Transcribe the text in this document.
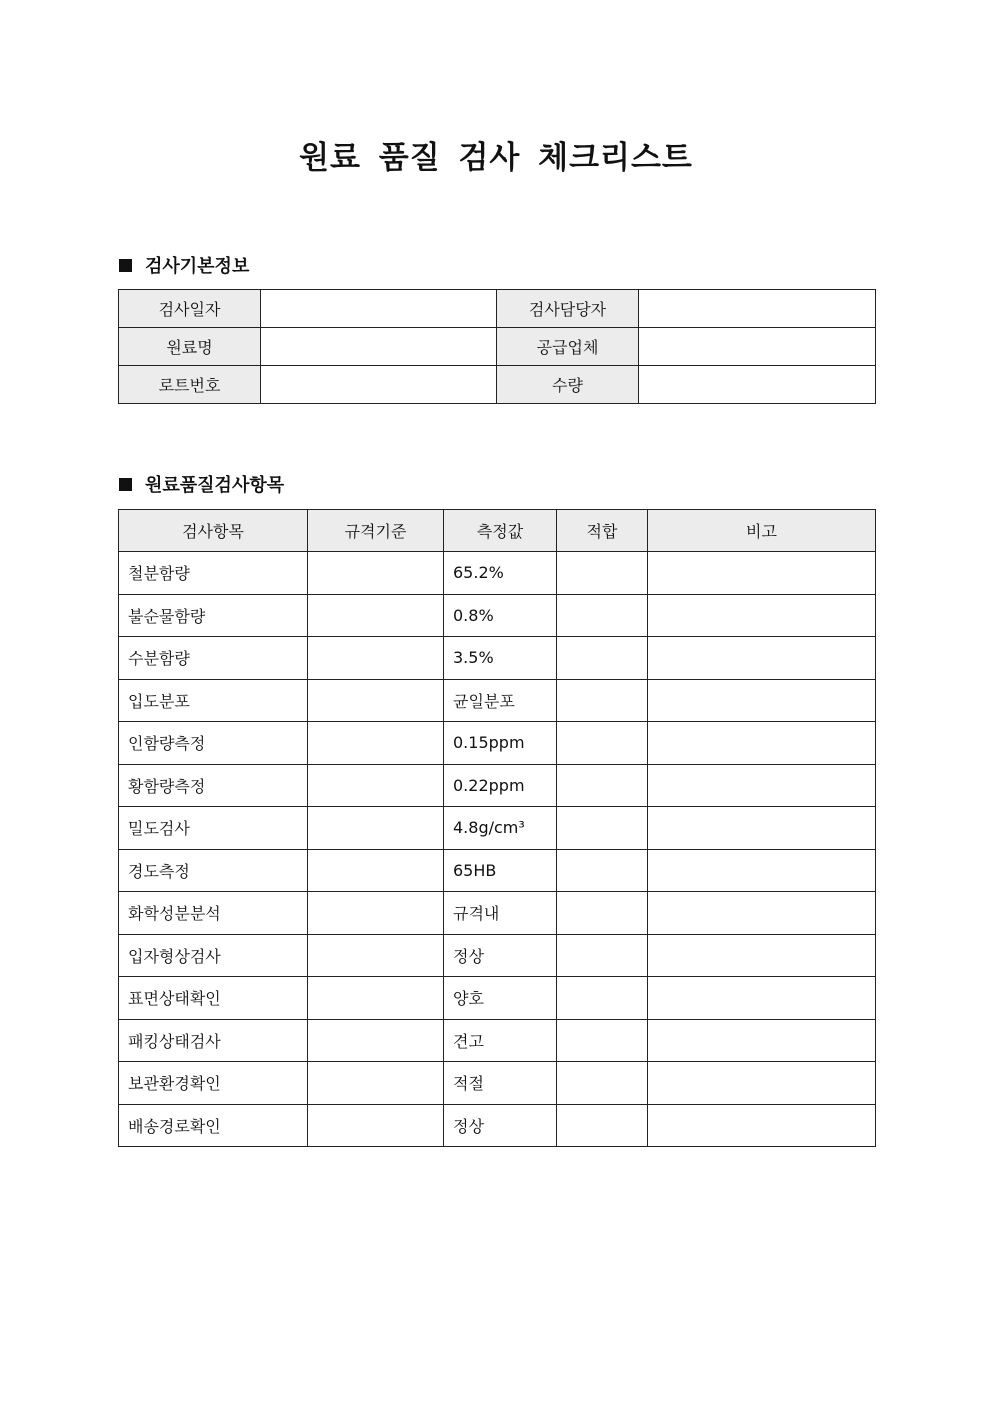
원료 품질 검사 체크리스트
검사기본정보
검사일자		검사담당자	
원료명		공급업체	
로트번호		수량	
원료품질검사항목
검사항목	규격기준	측정값	적합	비고
철분함량		65.2%		
불순물함량		0.8%		
수분함량		3.5%		
입도분포		균일분포		
인함량측정		0.15ppm		
황함량측정		0.22ppm		
밀도검사		4.8g/cm³		
경도측정		65HB		
화학성분분석		규격내		
입자형상검사		정상		
표면상태확인		양호		
패킹상태검사		견고		
보관환경확인		적절		
배송경로확인		정상		
